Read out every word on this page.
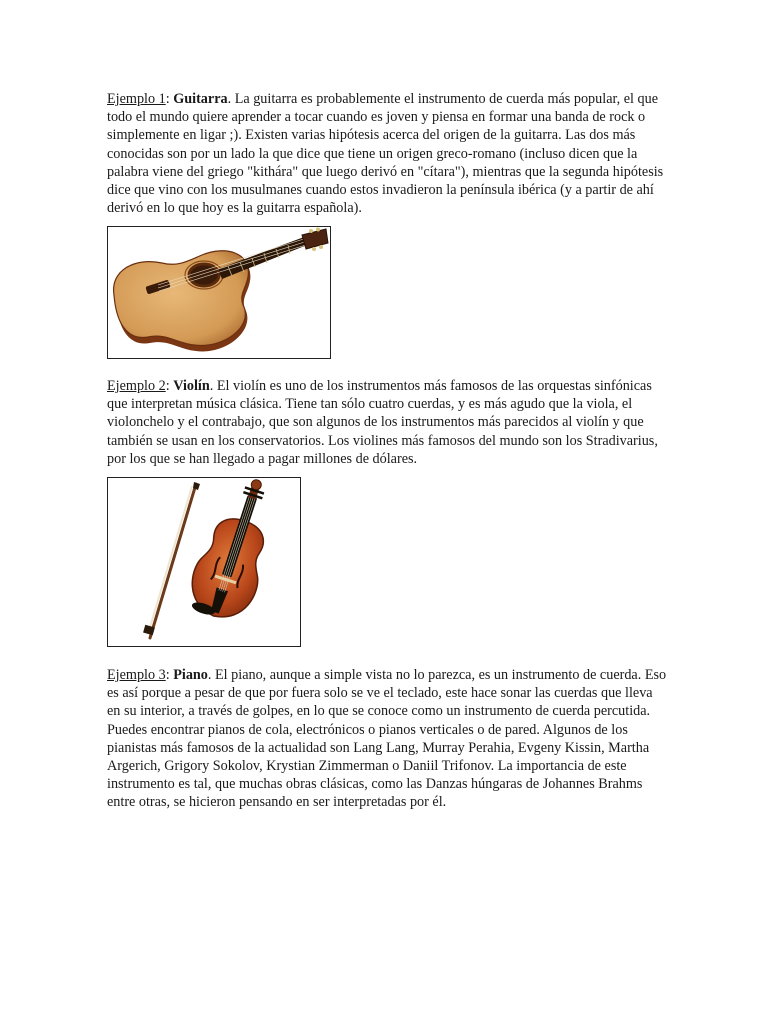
Ejemplo 1: Guitarra. La guitarra es probablemente el instrumento de cuerda más popular, el que todo el mundo quiere aprender a tocar cuando es joven y piensa en formar una banda de rock o simplemente en ligar ;). Existen varias hipótesis acerca del origen de la guitarra. Las dos más conocidas son por un lado la que dice que tiene un origen greco-romano (incluso dicen que la palabra viene del griego "kithára" que luego derivó en "cítara"), mientras que la segunda hipótesis dice que vino con los musulmanes cuando estos invadieron la península ibérica (y a partir de ahí derivó en lo que hoy es la guitarra española).

Ejemplo 2: Violín. El violín es uno de los instrumentos más famosos de las orquestas sinfónicas que interpretan música clásica. Tiene tan sólo cuatro cuerdas, y es más agudo que la viola, el violonchelo y el contrabajo, que son algunos de los instrumentos más parecidos al violín y que también se usan en los conservatorios. Los violines más famosos del mundo son los Stradivarius, por los que se han llegado a pagar millones de dólares.

Ejemplo 3: Piano. El piano, aunque a simple vista no lo parezca, es un instrumento de cuerda. Eso es así porque a pesar de que por fuera solo se ve el teclado, este hace sonar las cuerdas que lleva en su interior, a través de golpes, en lo que se conoce como un instrumento de cuerda percutida. Puedes encontrar pianos de cola, electrónicos o pianos verticales o de pared. Algunos de los pianistas más famosos de la actualidad son Lang Lang, Murray Perahia, Evgeny Kissin, Martha Argerich, Grigory Sokolov, Krystian Zimmerman o Daniil Trifonov. La importancia de este instrumento es tal, que muchas obras clásicas, como las Danzas húngaras de Johannes Brahms entre otras, se hicieron pensando en ser interpretadas por él.
